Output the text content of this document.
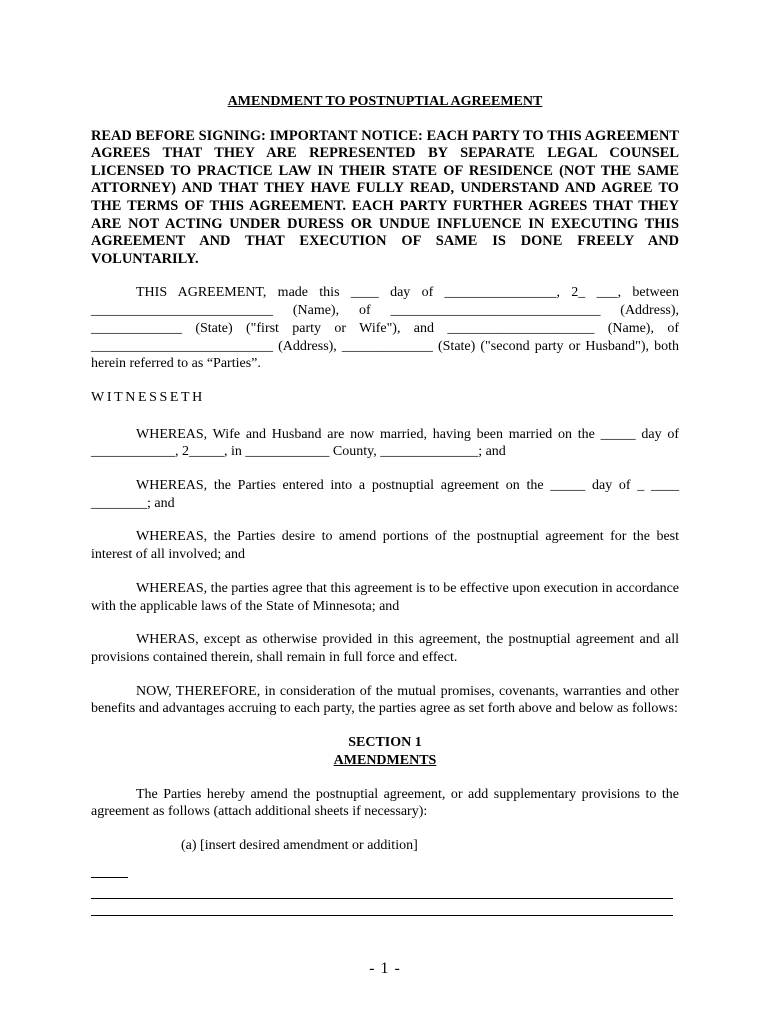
AMENDMENT TO POSTNUPTIAL AGREEMENT

READ BEFORE SIGNING: IMPORTANT NOTICE: EACH PARTY TO THIS AGREEMENT AGREES THAT THEY ARE REPRESENTED BY SEPARATE LEGAL COUNSEL LICENSED TO PRACTICE LAW IN THEIR STATE OF RESIDENCE (NOT THE SAME ATTORNEY) AND THAT THEY HAVE FULLY READ, UNDERSTAND AND AGREE TO THE TERMS OF THIS AGREEMENT. EACH PARTY FURTHER AGREES THAT THEY ARE NOT ACTING UNDER DURESS OR UNDUE INFLUENCE IN EXECUTING THIS AGREEMENT AND THAT EXECUTION OF SAME IS DONE FREELY AND VOLUNTARILY.

THIS AGREEMENT, made this ____ day of ________________, 2_ ___, between __________________________ (Name), of ______________________________ (Address), _____________ (State) ("first party or Wife"), and _____________________ (Name), of __________________________ (Address), _____________ (State) ("second party or Husband"), both herein referred to as “Parties”.

WITNESSETH

WHEREAS, Wife and Husband are now married, having been married on the _____ day of ____________, 2_____, in ____________ County, ______________; and

WHEREAS, the Parties entered into a postnuptial agreement on the _____ day of _ ____ ________; and

WHEREAS, the Parties desire to amend portions of the postnuptial agreement for the best interest of all involved; and

WHEREAS, the parties agree that this agreement is to be effective upon execution in accordance with the applicable laws of the State of Minnesota; and

WHERAS, except as otherwise provided in this agreement, the postnuptial agreement and all provisions contained therein, shall remain in full force and effect.

NOW, THEREFORE, in consideration of the mutual promises, covenants, warranties and other benefits and advantages accruing to each party, the parties agree as set forth above and below as follows:

SECTION 1
AMENDMENTS

The Parties hereby amend the postnuptial agreement, or add supplementary provisions to the agreement as follows (attach additional sheets if necessary):

(a) [insert desired amendment or addition]
- 1 -
